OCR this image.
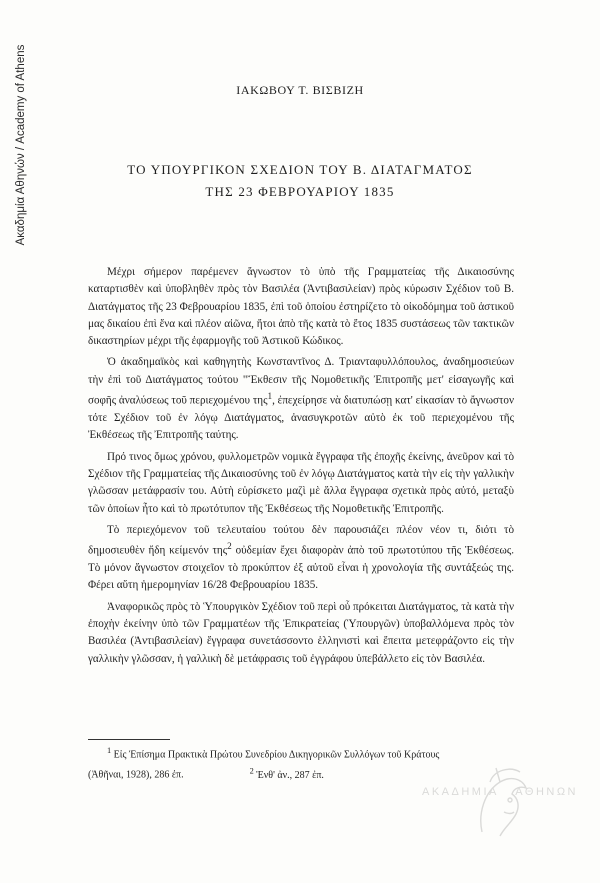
Ακαδημία Αθηνών / Academy of Athens	ΙΑΚΩΒΟΥ Τ. ΒΙΣΒΙΖΗ
ΤΟ ΥΠΟΥΡΓΙΚΟΝ ΣΧΕΔΙΟΝ ΤΟΥ Β. ΔΙΑΤΑΓΜΑΤΟΣ
ΤΗΣ 23 ΦΕΒΡΟΥΑΡΙΟΥ 1835

Μέχρι σήμερον παρέμενεν ἄγνωστον τὸ ὑπὸ τῆς Γραμματείας τῆς Δικαιοσύνης καταρτισθὲν καὶ ὑποβληθὲν πρὸς τὸν Βασιλέα (Ἀντιβασιλείαν) πρὸς κύρωσιν Σχέδιον τοῦ Β. Διατάγματος τῆς 23 Φεβρουαρίου 1835, ἐπὶ τοῦ ὁποίου ἐστηρίζετο τὸ οἰκοδόμημα τοῦ ἀστικοῦ μας δικαίου ἐπὶ ἕνα καὶ πλέον αἰῶνα, ἤτοι ἀπὸ τῆς κατὰ τὸ ἔτος 1835 συστάσεως τῶν τακτικῶν δικαστηρίων μέχρι τῆς ἐφαρμογῆς τοῦ Ἀστικοῦ Κώδικος.

Ὁ ἀκαδημαϊκὸς καὶ καθηγητὴς Κωνσταντῖνος Δ. Τριανταφυλλόπουλος, ἀναδημοσιεύων τὴν ἐπὶ τοῦ Διατάγματος τούτου "Ἔκθεσιν τῆς Νομοθετικῆς Ἐπιτροπῆς μετ' εἰσαγωγῆς καὶ σοφῆς ἀναλύσεως τοῦ περιεχομένου της$^1$, ἐπεχείρησε νὰ διατυπώσῃ κατ' εἰκασίαν τὸ ἄγνωστον τότε Σχέδιον τοῦ ἐν λόγῳ Διατάγματος, ἀνασυγκροτῶν αὐτὸ ἐκ τοῦ περιεχομένου τῆς Ἐκθέσεως τῆς Ἐπιτροπῆς ταύτης.

Πρό τινος ὅμως χρόνου, φυλλομετρῶν νομικὰ ἔγγραφα τῆς ἐποχῆς ἐκείνης, ἀνεῦρον καὶ τὸ Σχέδιον τῆς Γραμματείας τῆς Δικαιοσύνης τοῦ ἐν λόγῳ Διατάγματος κατὰ τὴν εἰς τὴν γαλλικὴν γλῶσσαν μετάφρασίν του. Αὐτὴ εὑρίσκετο μαζὶ μὲ ἄλλα ἔγγραφα σχετικὰ πρὸς αὐτό, μεταξὺ τῶν ὁποίων ἦτο καὶ τὸ πρωτότυπον τῆς Ἐκθέσεως τῆς Νομοθετικῆς Ἐπιτροπῆς.

Τὸ περιεχόμενον τοῦ τελευταίου τούτου δὲν παρουσιάζει πλέον νέον τι, διότι τὸ δημοσιευθὲν ἤδη κείμενόν της$^2$ οὐδεμίαν ἔχει διαφορὰν ἀπὸ τοῦ πρωτοτύπου τῆς Ἐκθέσεως. Τὸ μόνον ἄγνωστον στοιχεῖον τὸ προκύπτον ἐξ αὐτοῦ εἶναι ἡ χρονολογία τῆς συντάξεώς της. Φέρει αὕτη ἡμερομηνίαν 16/28 Φεβρουαρίου 1835.

Ἀναφορικῶς πρὸς τὸ Ὑπουργικὸν Σχέδιον τοῦ περὶ οὗ πρόκειται Διατάγματος, τὰ κατὰ τὴν ἐποχὴν ἐκείνην ὑπὸ τῶν Γραμματέων τῆς Ἐπικρατείας (Ὑπουργῶν) ὑποβαλλόμενα πρὸς τὸν Βασιλέα (Ἀντιβασιλείαν) ἔγγραφα συνετάσσοντο ἑλληνιστὶ καὶ ἔπειτα μετεφράζοντο εἰς τὴν γαλλικὴν γλῶσσαν, ἡ γαλλικὴ δὲ μετάφρασις τοῦ ἐγγράφου ὑπεβάλλετο εἰς τὸν Βασιλέα.

$^1$ Εἰς Ἐπίσημα Πρακτικὰ Πρώτου Συνεδρίου Δικηγορικῶν Συλλόγων τοῦ Κράτους

(Ἀθῆναι, 1928), 286 ἐπ.	$^2$ Ἐνθ' ἀν., 287 ἐπ.

ΑΚΑΔΗΜΙΑ ΑΘΗΝΩΝ
